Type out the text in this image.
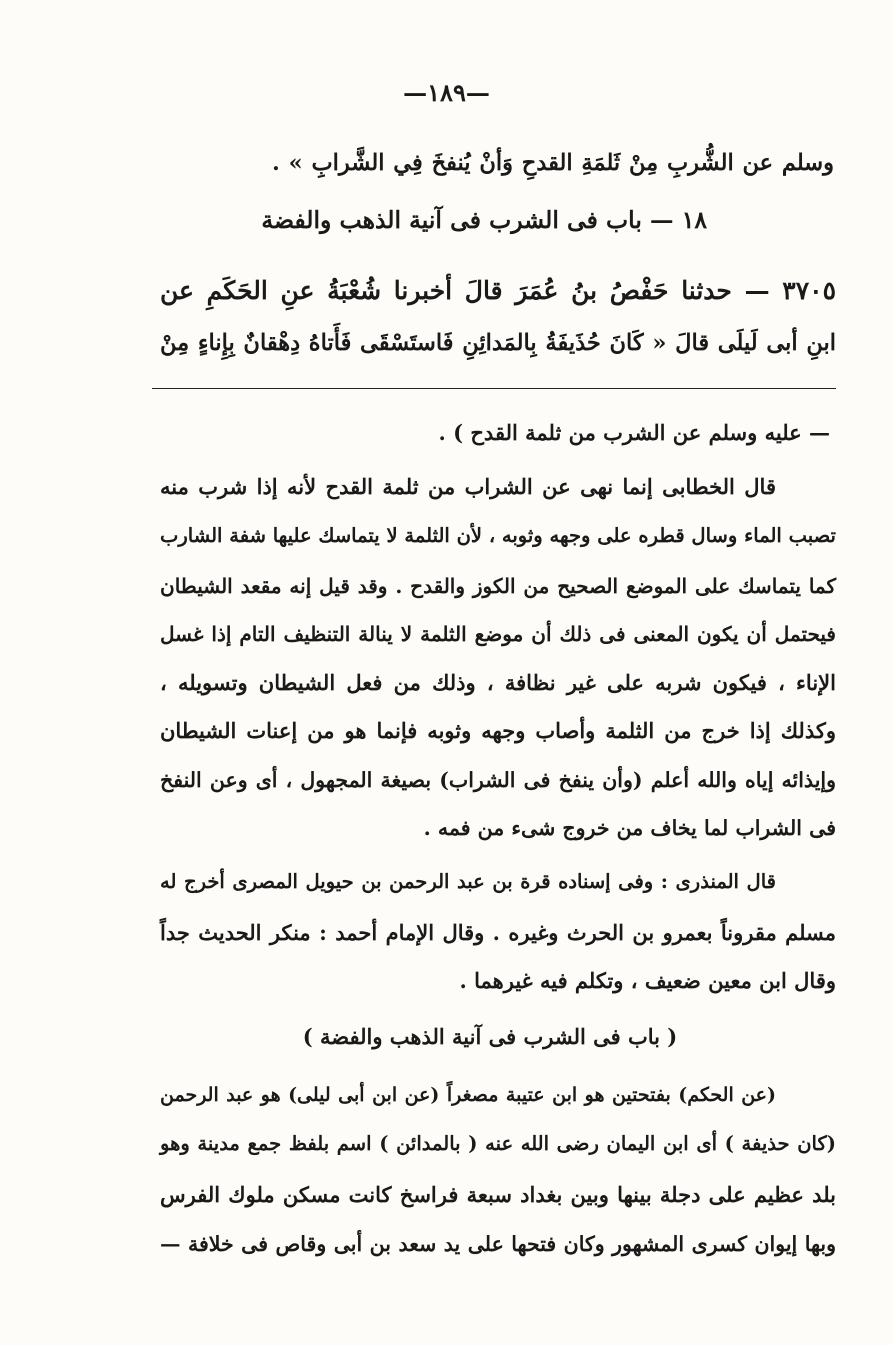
—١٨٩—
وسلم عن الشُّربِ مِنْ ثَلمَةِ القدحِ وَأنْ يُنفخَ فِي الشَّرابِ » .
١٨ — باب فى الشرب فى آنية الذهب والفضة
٣٧٠٥ — حدثنا حَفْصُ بنُ عُمَرَ قالَ أخبرنا شُعْبَةُ عنِ الحَكَمِ عن
ابنِ أبى لَيلَى قالَ « كَانَ حُذَيفَةُ بِالمَدائِنِ فَاستَسْقَى فَأَتاهُ دِهْقانٌ بِإِناءٍ مِنْ
— عليه وسلم عن الشرب من ثلمة القدح ) .
قال الخطابى إنما نهى عن الشراب من ثلمة القدح لأنه إذا شرب منه
تصبب الماء وسال قطره على وجهه وثوبه ، لأن الثلمة لا يتماسك عليها شفة الشارب
كما يتماسك على الموضع الصحيح من الكوز والقدح . وقد قيل إنه مقعد الشيطان
فيحتمل أن يكون المعنى فى ذلك أن موضع الثلمة لا ينالة التنظيف التام إذا غسل
الإناء ، فيكون شربه على غير نظافة ، وذلك من فعل الشيطان وتسويله ،
وكذلك إذا خرج من الثلمة وأصاب وجهه وثوبه فإنما هو من إعنات الشيطان
وإيذائه إياه والله أعلم (وأن ينفخ فى الشراب) بصيغة المجهول ، أى وعن النفخ
فى الشراب لما يخاف من خروج شىء من فمه .
قال المنذرى : وفى إسناده قرة بن عبد الرحمن بن حيويل المصرى أخرج له
مسلم مقروناً بعمرو بن الحرث وغيره . وقال الإمام أحمد : منكر الحديث جداً
وقال ابن معين ضعيف ، وتكلم فيه غيرهما .
( باب فى الشرب فى آنية الذهب والفضة )
(عن الحكم) بفتحتين هو ابن عتيبة مصغراً (عن ابن أبى ليلى) هو عبد الرحمن
(كان حذيفة ) أى ابن اليمان رضى الله عنه ( بالمدائن ) اسم بلفظ جمع مدينة وهو
بلد عظيم على دجلة بينها وبين بغداد سبعة فراسخ كانت مسكن ملوك الفرس
وبها إيوان كسرى المشهور وكان فتحها على يد سعد بن أبى وقاص فى خلافة —
